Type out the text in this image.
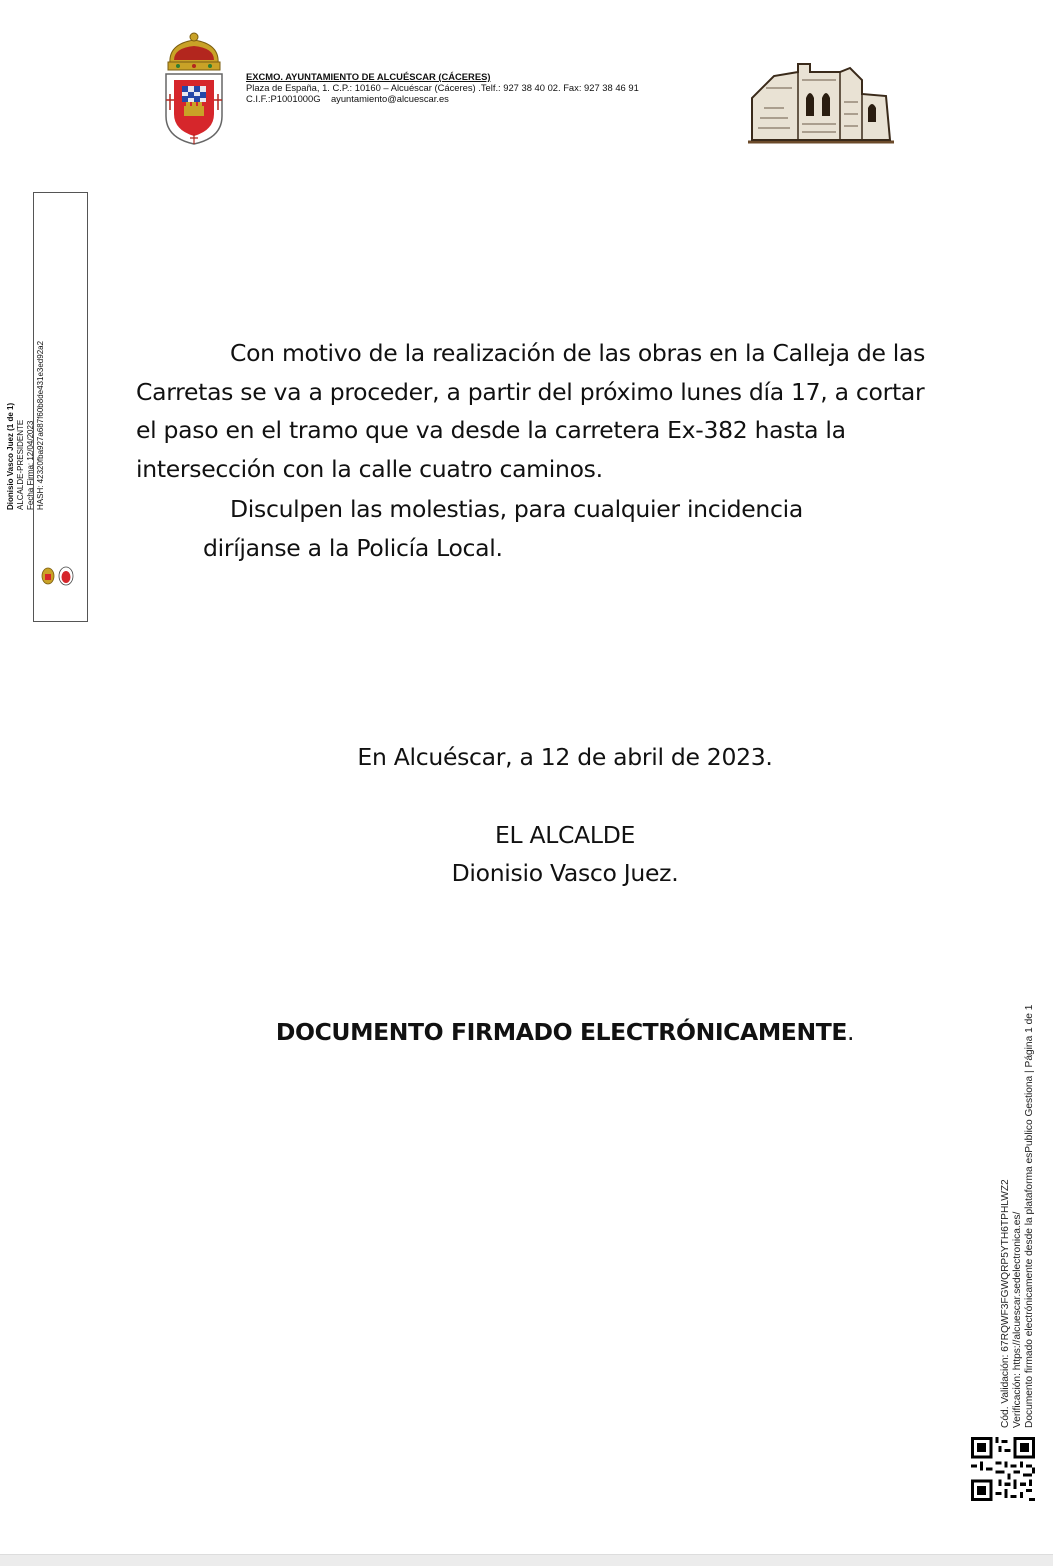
EXCMO. AYUNTAMIENTO DE ALCUÉSCAR (CÁCERES)
Plaza de España, 1. C.P.: 10160 – Alcuéscar (Cáceres) .Telf.: 927 38 40 02. Fax: 927 38 46 91
C.I.F.:P1001000G    ayuntamiento@alcuescar.es
Dionisio Vasco Juez (1 de 1) ALCALDE-PRESIDENTE Fecha Firma: 12/04/2023 HASH: 42320fba927a687f60b8de431e3ed92a2	Con motivo de la realización de las obras en la Calleja de las Carretas se va a proceder, a partir del próximo lunes día 17, a cortar el paso en el tramo que va desde la carretera Ex-382 hasta la intersección con la calle cuatro caminos.

Disculpen las molestias, para cualquier incidencia diríjanse a la Policía Local.

En Alcuéscar, a 12 de abril de 2023.
EL ALCALDE
Dionisio Vasco Juez.
DOCUMENTO FIRMADO ELECTRÓNICAMENTE.
Cód. Validación: 67RQWF3FGWQRP5YTH6TPHLWZ2 Verificación: https://alcuescar.sedelectronica.es/ Documento firmado electrónicamente desde la plataforma esPublico Gestiona | Página 1 de 1
